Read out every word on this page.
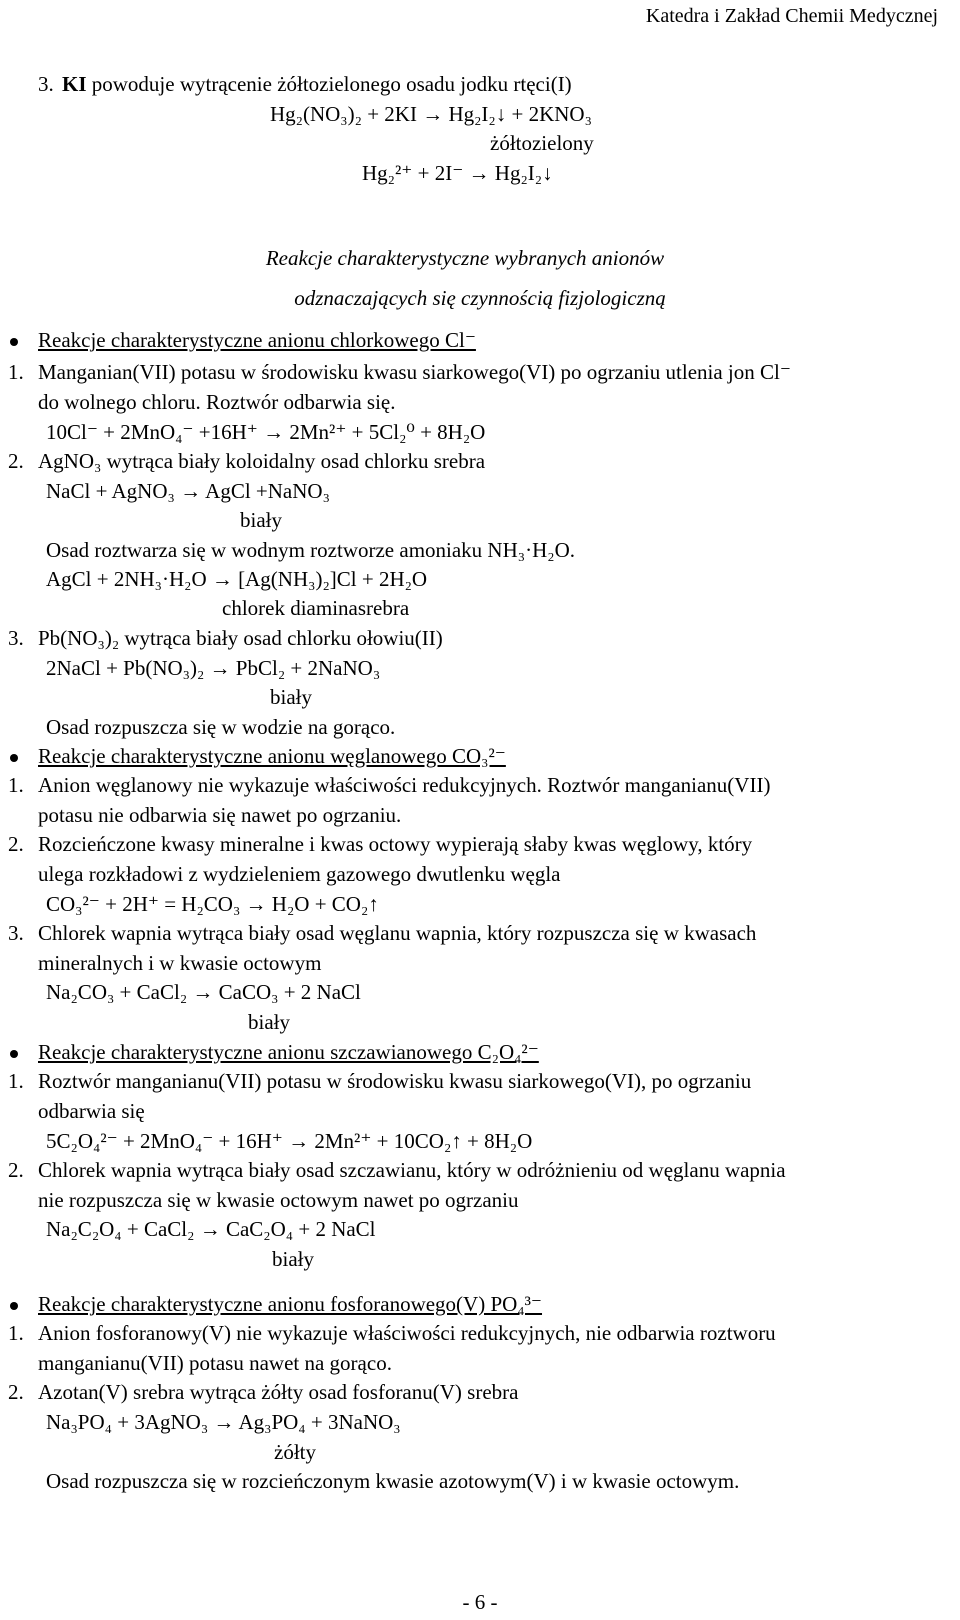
Katedra i Zakład Chemii Medycznej
3. KI powoduje wytrącenie żółtozielonego osadu jodku rtęci(I)
Hg₂(NO₃)₂ + 2KI → Hg₂I₂↓ + 2KNO₃
żółtozielony
Hg₂²⁺ + 2I⁻ → Hg₂I₂↓
Reakcje charakterystyczne wybranych anionów
odznaczających się czynnością fizjologiczną
Reakcje charakterystyczne anionu chlorkowego Cl⁻
1. Manganian(VII) potasu w środowisku kwasu siarkowego(VI) po ogrzaniu utlenia jon Cl⁻
do wolnego chloru. Roztwór odbarwia się.
10Cl⁻ + 2MnO₄⁻ +16H⁺ → 2Mn²⁺ + 5Cl₂⁰ + 8H₂O
2. AgNO₃ wytrąca biały koloidalny osad chlorku srebra
NaCl + AgNO₃ → AgCl +NaNO₃
biały
Osad roztwarza się w wodnym roztworze amoniaku NH₃·H₂O.
AgCl + 2NH₃·H₂O → [Ag(NH₃)₂]Cl + 2H₂O
chlorek diaminasrebra
3. Pb(NO₃)₂ wytrąca biały osad chlorku ołowiu(II)
2NaCl + Pb(NO₃)₂ → PbCl₂ + 2NaNO₃
biały
Osad rozpuszcza się w wodzie na gorąco.
Reakcje charakterystyczne anionu węglanowego CO₃²⁻
1. Anion węglanowy nie wykazuje właściwości redukcyjnych. Roztwór manganianu(VII)
potasu nie odbarwia się nawet po ogrzaniu.
2. Rozcieńczone kwasy mineralne i kwas octowy wypierają słaby kwas węglowy, który
ulega rozkładowi z wydzieleniem gazowego dwutlenku węgla
CO₃²⁻ + 2H⁺ = H₂CO₃ → H₂O + CO₂↑
3. Chlorek wapnia wytrąca biały osad węglanu wapnia, który rozpuszcza się w kwasach
mineralnych i w kwasie octowym
Na₂CO₃ + CaCl₂ → CaCO₃ + 2 NaCl
biały
Reakcje charakterystyczne anionu szczawianowego C₂O₄²⁻
1. Roztwór manganianu(VII) potasu w środowisku kwasu siarkowego(VI), po ogrzaniu
odbarwia się
5C₂O₄²⁻ + 2MnO₄⁻ + 16H⁺ → 2Mn²⁺ + 10CO₂↑ + 8H₂O
2. Chlorek wapnia wytrąca biały osad szczawianu, który w odróżnieniu od węglanu wapnia
nie rozpuszcza się w kwasie octowym nawet po ogrzaniu
Na₂C₂O₄ + CaCl₂ → CaC₂O₄ + 2 NaCl
biały
Reakcje charakterystyczne anionu fosforanowego(V) PO₄³⁻
1. Anion fosforanowy(V) nie wykazuje właściwości redukcyjnych, nie odbarwia roztworu
manganianu(VII) potasu nawet na gorąco.
2. Azotan(V) srebra wytrąca żółty osad fosforanu(V) srebra
Na₃PO₄ + 3AgNO₃ → Ag₃PO₄ + 3NaNO₃
żółty
Osad rozpuszcza się w rozcieńczonym kwasie azotowym(V) i w kwasie octowym.
- 6 -
